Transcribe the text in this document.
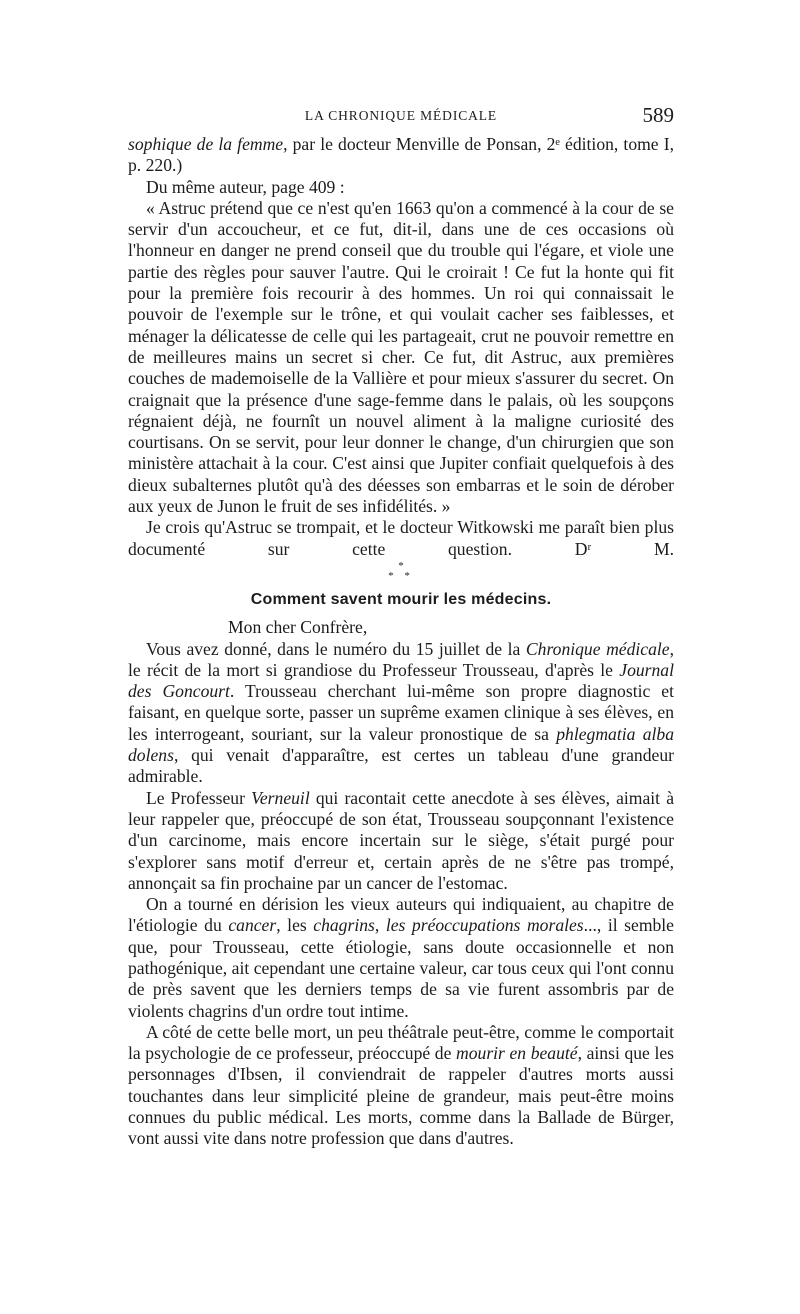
LA CHRONIQUE MÉDICALE	589

sophique de la femme, par le docteur Menville de Ponsan, 2ᵉ édition, tome I, p. 220.)

Du même auteur, page 409 :

« Astruc prétend que ce n'est qu'en 1663 qu'on a commencé à la cour de se servir d'un accoucheur, et ce fut, dit-il, dans une de ces occasions où l'honneur en danger ne prend conseil que du trouble qui l'égare, et viole une partie des règles pour sauver l'autre. Qui le croirait ! Ce fut la honte qui fit pour la première fois recourir à des hommes. Un roi qui connaissait le pouvoir de l'exemple sur le trône, et qui voulait cacher ses faiblesses, et ménager la délicatesse de celle qui les partageait, crut ne pouvoir remettre en de meilleures mains un secret si cher. Ce fut, dit Astruc, aux premières couches de mademoiselle de la Vallière et pour mieux s'assurer du secret. On craignait que la présence d'une sage-femme dans le palais, où les soupçons régnaient déjà, ne fournît un nouvel aliment à la maligne curiosité des courtisans. On se servit, pour leur donner le change, d'un chirurgien que son ministère attachait à la cour. C'est ainsi que Jupiter confiait quelquefois à des dieux subalternes plutôt qu'à des déesses son embarras et le soin de dérober aux yeux de Junon le fruit de ses infidélités. »

Je crois qu'Astruc se trompait, et le docteur Witkowski me paraît bien plus documenté sur cette question.	Dʳ M.

*
* *
Comment savent mourir les médecins.

Mon cher Confrère,

Vous avez donné, dans le numéro du 15 juillet de la Chronique médicale, le récit de la mort si grandiose du Professeur Trousseau, d'après le Journal des Goncourt. Trousseau cherchant lui-même son propre diagnostic et faisant, en quelque sorte, passer un suprême examen clinique à ses élèves, en les interrogeant, souriant, sur la valeur pronostique de sa phlegmatia alba dolens, qui venait d'apparaître, est certes un tableau d'une grandeur admirable.

Le Professeur Verneuil qui racontait cette anecdote à ses élèves, aimait à leur rappeler que, préoccupé de son état, Trousseau soupçonnant l'existence d'un carcinome, mais encore incertain sur le siège, s'était purgé pour s'explorer sans motif d'erreur et, certain après de ne s'être pas trompé, annonçait sa fin prochaine par un cancer de l'estomac.

On a tourné en dérision les vieux auteurs qui indiquaient, au chapitre de l'étiologie du cancer, les chagrins, les préoccupations morales..., il semble que, pour Trousseau, cette étiologie, sans doute occasionnelle et non pathogénique, ait cependant une certaine valeur, car tous ceux qui l'ont connu de près savent que les derniers temps de sa vie furent assombris par de violents chagrins d'un ordre tout intime.

A côté de cette belle mort, un peu théâtrale peut-être, comme le comportait la psychologie de ce professeur, préoccupé de mourir en beauté, ainsi que les personnages d'Ibsen, il conviendrait de rappeler d'autres morts aussi touchantes dans leur simplicité pleine de grandeur, mais peut-être moins connues du public médical. Les morts, comme dans la Ballade de Bürger, vont aussi vite dans notre profession que dans d'autres.
